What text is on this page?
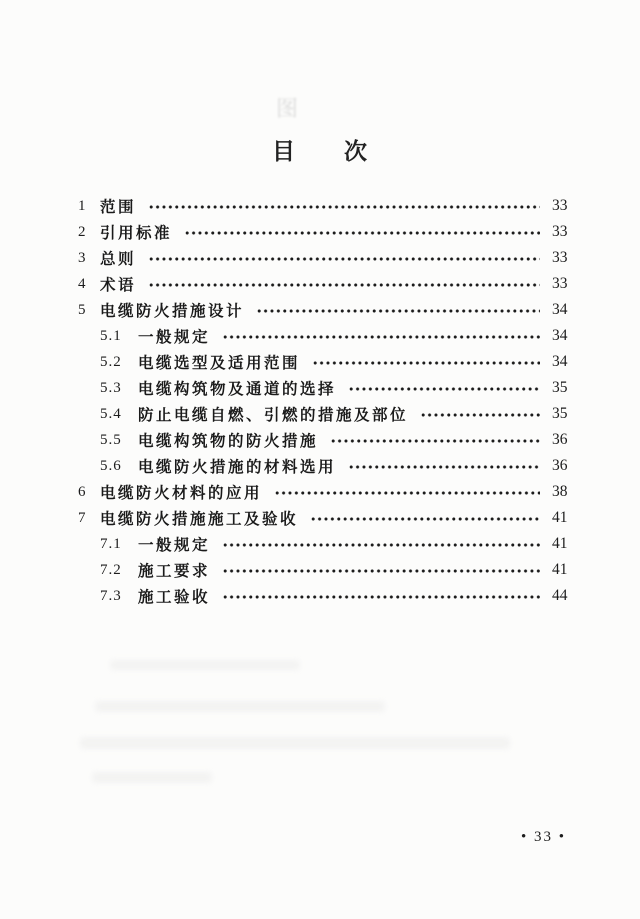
图
目　　次
1 范围	33
2 引用标准	33
3 总则	33
4 术语	33
5 电缆防火措施设计	34
5.1	一般规定	34
5.2	电缆选型及适用范围	34
5.3	电缆构筑物及通道的选择	35
5.4	防止电缆自燃、引燃的措施及部位	35
5.5	电缆构筑物的防火措施	36
5.6	电缆防火措施的材料选用	36
6 电缆防火材料的应用	38
7 电缆防火措施施工及验收	41
7.1	一般规定	41
7.2	施工要求	41
7.3	施工验收	44
• 33 •
